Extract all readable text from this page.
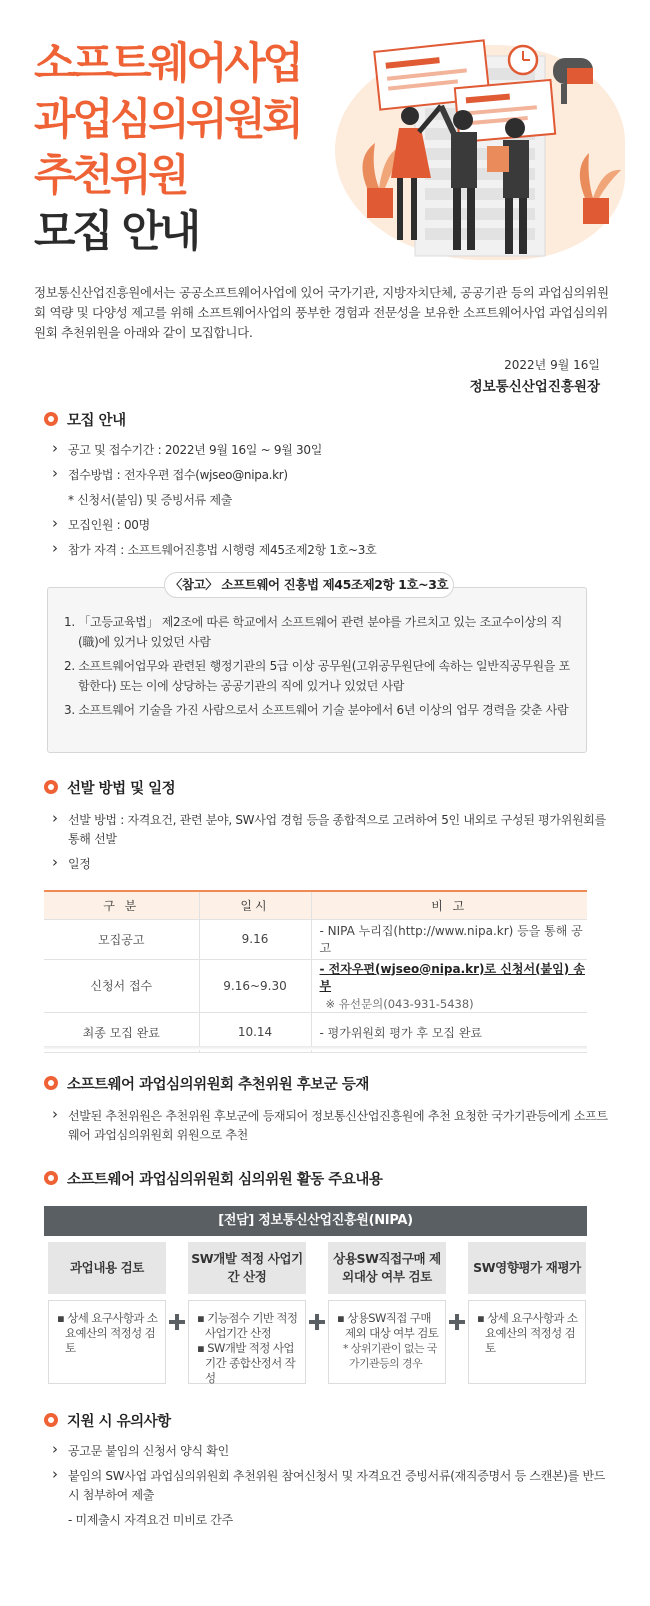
소프트웨어사업
과업심의위원회
추천위원
모집 안내

정보통신산업진흥원에서는 공공소프트웨어사업에 있어 국가기관, 지방자치단체, 공공기관 등의 과업심의위원회 역량 및 다양성 제고를 위해 소프트웨어사업의 풍부한 경험과 전문성을 보유한 소프트웨어사업 과업심의위원회 추천위원을 아래와 같이 모집합니다.

2022년 9월 16일
정보통신산업진흥원장
모집 안내
› 공고 및 접수기간 : 2022년 9월 16일 ~ 9월 30일
› 접수방법 : 전자우편 접수(wjseo@nipa.kr)
* 신청서(붙임) 및 증빙서류 제출
› 모집인원 : 00명
› 참가 자격 : 소프트웨어진흥법 시행령 제45조제2항 1호~3호
〈참고〉 소프트웨어 진흥법 제45조제2항 1호~3호
1. 「고등교육법」 제2조에 따른 학교에서 소프트웨어 관련 분야를 가르치고 있는 조교수이상의 직(職)에 있거나 있었던 사람
2. 소프트웨어업무와 관련된 행정기관의 5급 이상 공무원(고위공무원단에 속하는 일반직공무원을 포함한다) 또는 이에 상당하는 공공기관의 직에 있거나 있었던 사람
3. 소프트웨어 기술을 가진 사람으로서 소프트웨어 기술 분야에서 6년 이상의 업무 경력을 갖춘 사람
선발 방법 및 일정
› 선발 방법 : 자격요건, 관련 분야, SW사업 경험 등을 종합적으로 고려하여 5인 내외로 구성된 평가위원회를 통해 선발
› 일정
구 분	일시	비 고
모집공고	9.16	- NIPA 누리집(http://www.nipa.kr) 등을 통해 공고
신청서 접수	9.16~9.30	- 전자우편(wjseo@nipa.kr)로 신청서(붙임) 송부
※ 유선문의(043-931-5438)

최종 모집 완료	10.14	- 평가위원회 평가 후 모집 완료
소프트웨어 과업심의위원회 추천위원 후보군 등재
› 선발된 추천위원은 추천위원 후보군에 등재되어 정보통신산업진흥원에 추천 요청한 국가기관등에게 소프트웨어 과업심의위원회 위원으로 추천
소프트웨어 과업심의위원회 심의위원 활동 주요내용
[전담] 정보통신산업진흥원(NIPA)
과업내용 검토
SW개발 적정 사업기간 산정
상용SW직접구매 제외대상 여부 검토
SW영향평가 재평가
▪ 상세 요구사항과 소요예산의 적정성 검토
▪ 기능점수 기반 적정 사업기간 산정
▪ SW개발 적정 사업 기간 종합산정서 작성
▪ 상용SW직접 구매 제외 대상 여부 검토
* 상위기관이 없는 국가기관등의 경우
▪ 상세 요구사항과 소요예산의 적정성 검토
지원 시 유의사항
› 공고문 붙임의 신청서 양식 확인
› 붙임의 SW사업 과업심의위원회 추천위원 참여신청서 및 자격요건 증빙서류(재직증명서 등 스캔본)를 반드시 첨부하여 제출
- 미제출시 자격요건 미비로 간주
